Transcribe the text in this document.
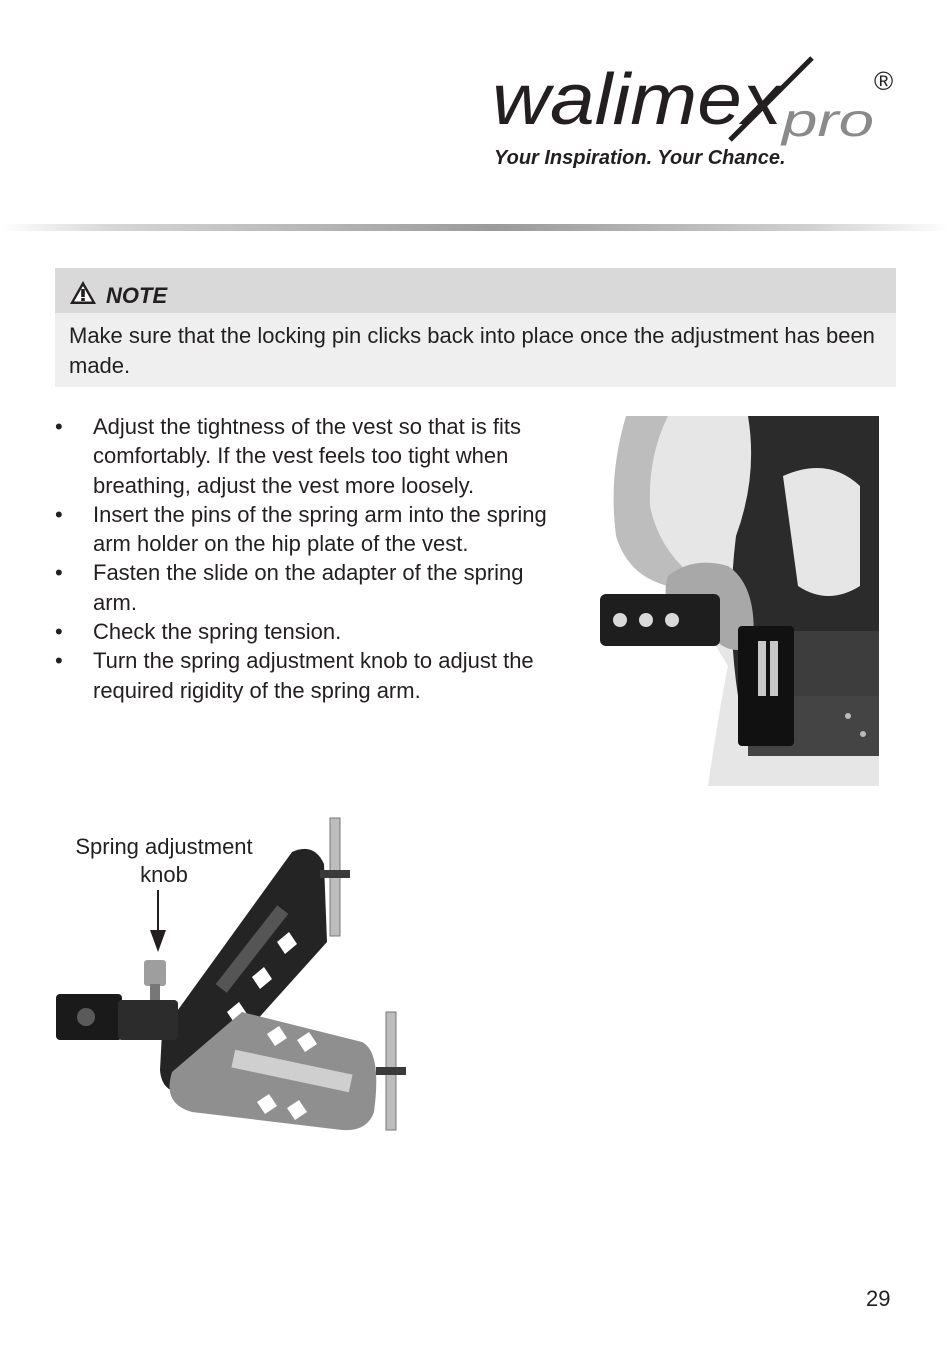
walimex
pro
®
Your Inspiration. Your Chance.
NOTE
Make sure that the locking pin clicks back into place once the adjustment has been made.
• Adjust the tightness of the vest so that is fits comfortably. If the vest feels too tight when breathing, adjust the vest more loosely.
• Insert the pins of the spring arm into the spring arm holder on the hip plate of the vest.
• Fasten the slide on the adapter of the spring arm.
• Check the spring tension.
• Turn the spring adjustment knob to adjust the required rigidity of the spring arm.
Spring adjustment knob
29
